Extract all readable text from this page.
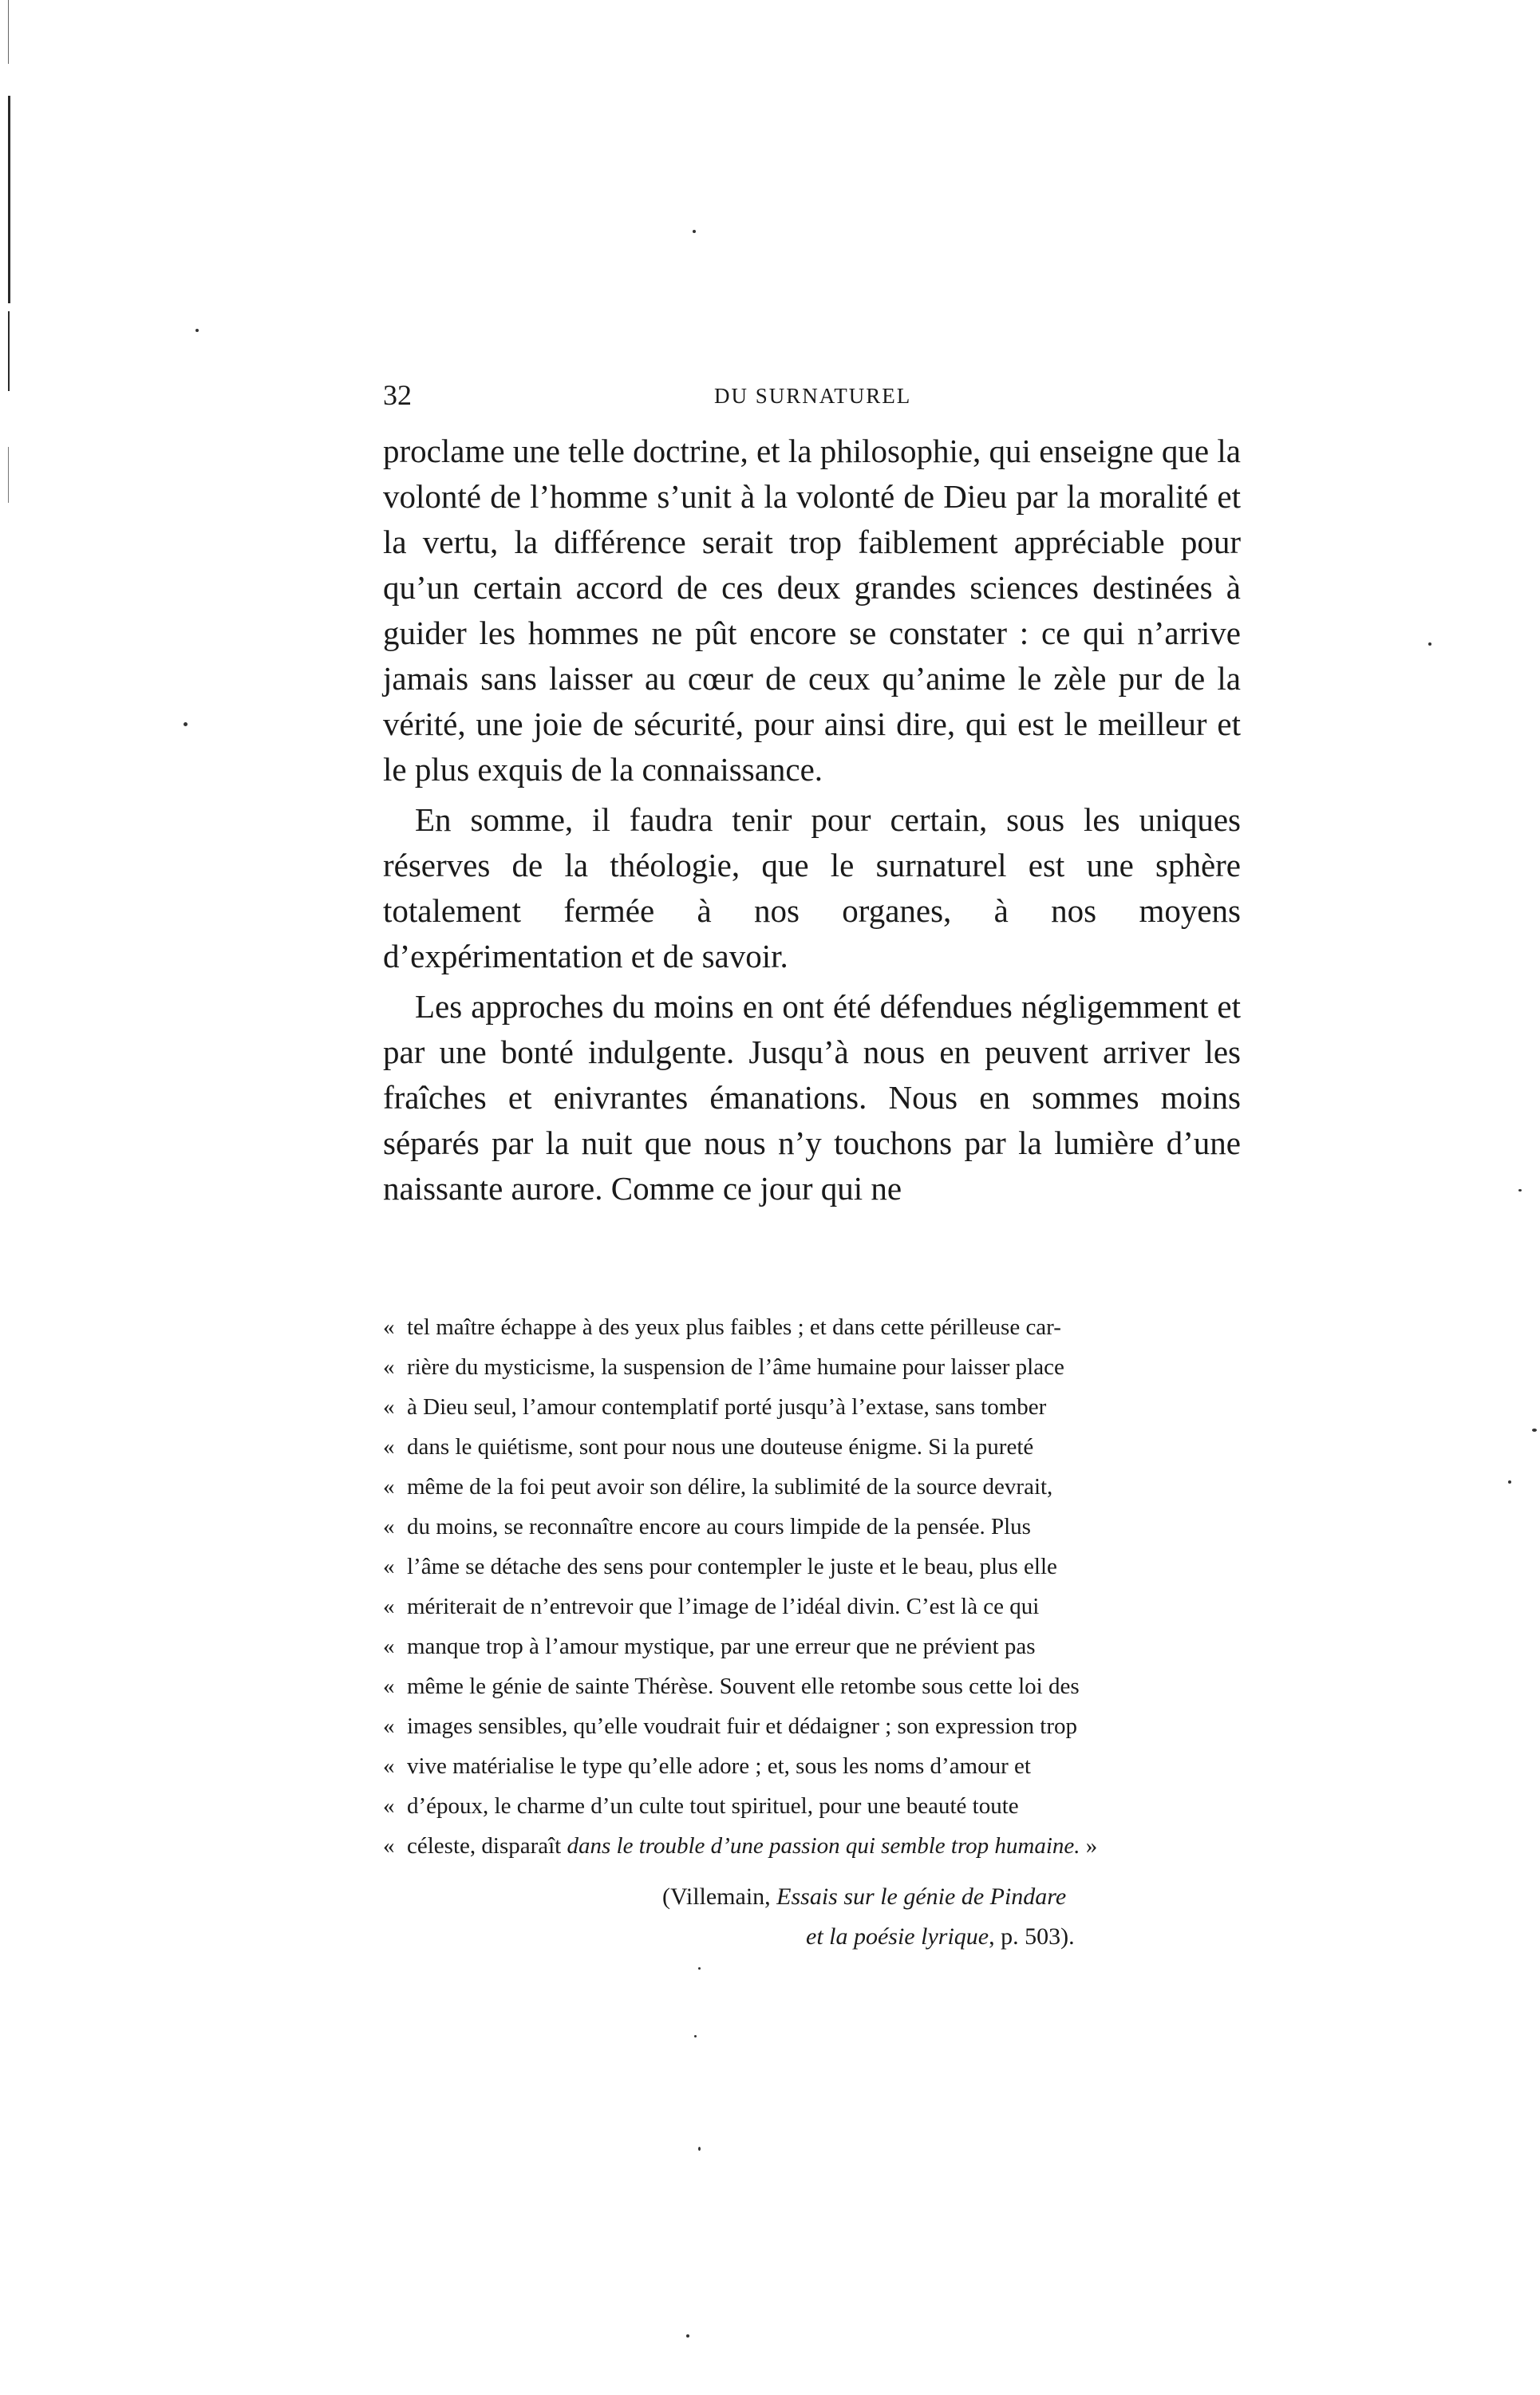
32	DU SURNATUREL

proclame une telle doctrine, et la philosophie, qui enseigne que la volonté de l’homme s’unit à la volonté de Dieu par la moralité et la vertu, la différence serait trop faiblement appréciable pour qu’un certain accord de ces deux grandes sciences destinées à guider les hommes ne pût encore se constater : ce qui n’arrive jamais sans laisser au cœur de ceux qu’anime le zèle pur de la vérité, une joie de sécurité, pour ainsi dire, qui est le meilleur et le plus exquis de la connaissance.

En somme, il faudra tenir pour certain, sous les uniques réserves de la théologie, que le surnaturel est une sphère totalement fermée à nos organes, à nos moyens d’expérimentation et de savoir.

Les approches du moins en ont été défendues négligemment et par une bonté indulgente. Jusqu’à nous en peuvent arriver les fraîches et enivrantes émanations. Nous en sommes moins séparés par la nuit que nous n’y touchons par la lumière d’une naissante aurore. Comme ce jour qui ne

« tel maître échappe à des yeux plus faibles ; et dans cette périlleuse car-
« rière du mysticisme, la suspension de l’âme humaine pour laisser place
« à Dieu seul, l’amour contemplatif porté jusqu’à l’extase, sans tomber
« dans le quiétisme, sont pour nous une douteuse énigme. Si la pureté
« même de la foi peut avoir son délire, la sublimité de la source devrait,
« du moins, se reconnaître encore au cours limpide de la pensée. Plus
« l’âme se détache des sens pour contempler le juste et le beau, plus elle
« mériterait de n’entrevoir que l’image de l’idéal divin. C’est là ce qui
« manque trop à l’amour mystique, par une erreur que ne prévient pas
« même le génie de sainte Thérèse. Souvent elle retombe sous cette loi des
« images sensibles, qu’elle voudrait fuir et dédaigner ; son expression trop
« vive matérialise le type qu’elle adore ; et, sous les noms d’amour et
« d’époux, le charme d’un culte tout spirituel, pour une beauté toute
« céleste, disparaît dans le trouble d’une passion qui semble trop humaine. »
(Villemain, Essais sur le génie de Pindare
et la poésie lyrique, p. 503).
